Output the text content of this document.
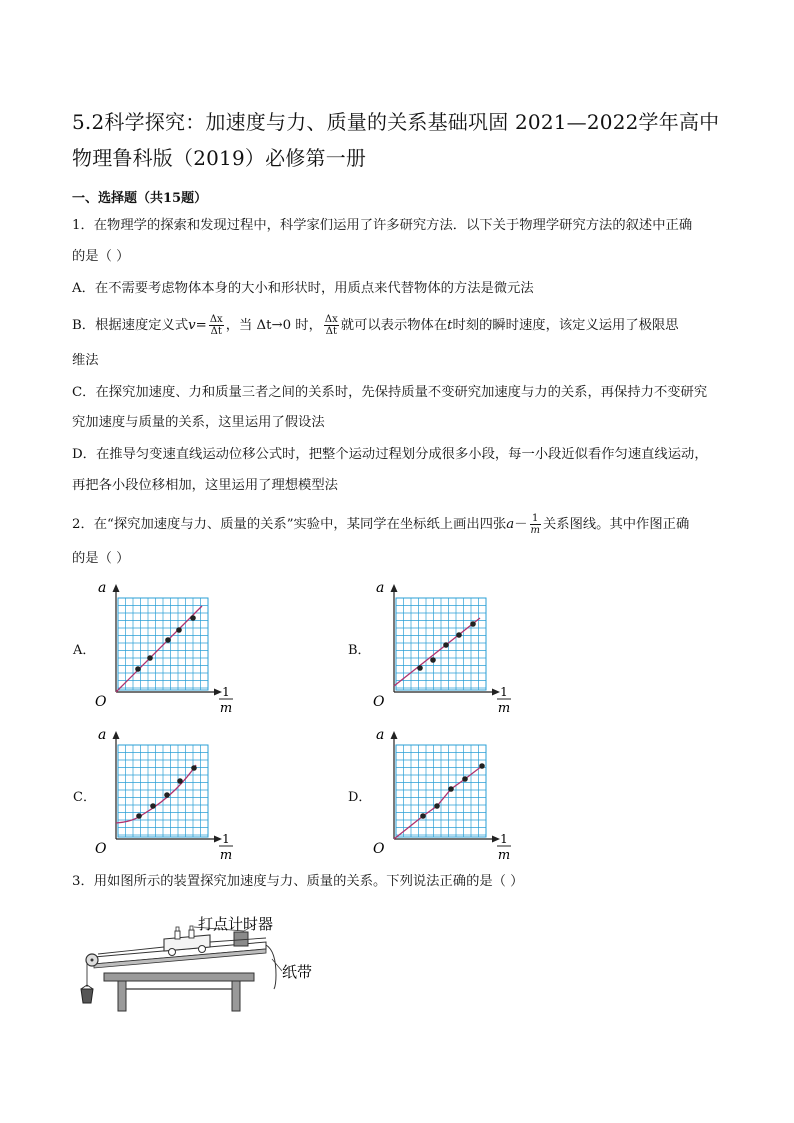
5.2科学探究：加速度与力、质量的关系基础巩固 2021—2022学年高中物理鲁科版（2019）必修第一册
一、选择题（共15题）
1．在物理学的探索和发现过程中，科学家们运用了许多研究方法．以下关于物理学研究方法的叙述中正确
的是（ ）
A．在不需要考虑物体本身的大小和形状时，用质点来代替物体的方法是微元法
B．根据速度定义式$v= \frac{\Delta x}{\Delta t}$ ，当 Δt→0 时， $\frac{\Delta x}{\Delta t}$ 就可以表示物体在t时刻的瞬时速度，该定义运用了极限思
维法
C．在探究加速度、力和质量三者之间的关系时，先保持质量不变研究加速度与力的关系，再保持力不变研究
究加速度与质量的关系，这里运用了假设法
D．在推导匀变速直线运动位移公式时，把整个运动过程划分成很多小段，每一小段近似看作匀速直线运动，
再把各小段位移相加，这里运用了理想模型法
2．在“探究加速度与力、质量的关系”实验中，某同学在坐标纸上画出四张$a- \frac{1}{m}$ 关系图线。其中作图正确
的是（ ）
A．	B．
C．	D．
a
O
1
m
a
O
1
m
a
O
1
m
a
O
1
m
3．用如图所示的装置探究加速度与力、质量的关系。下列说法正确的是（ ）
打点计时器
纸带
